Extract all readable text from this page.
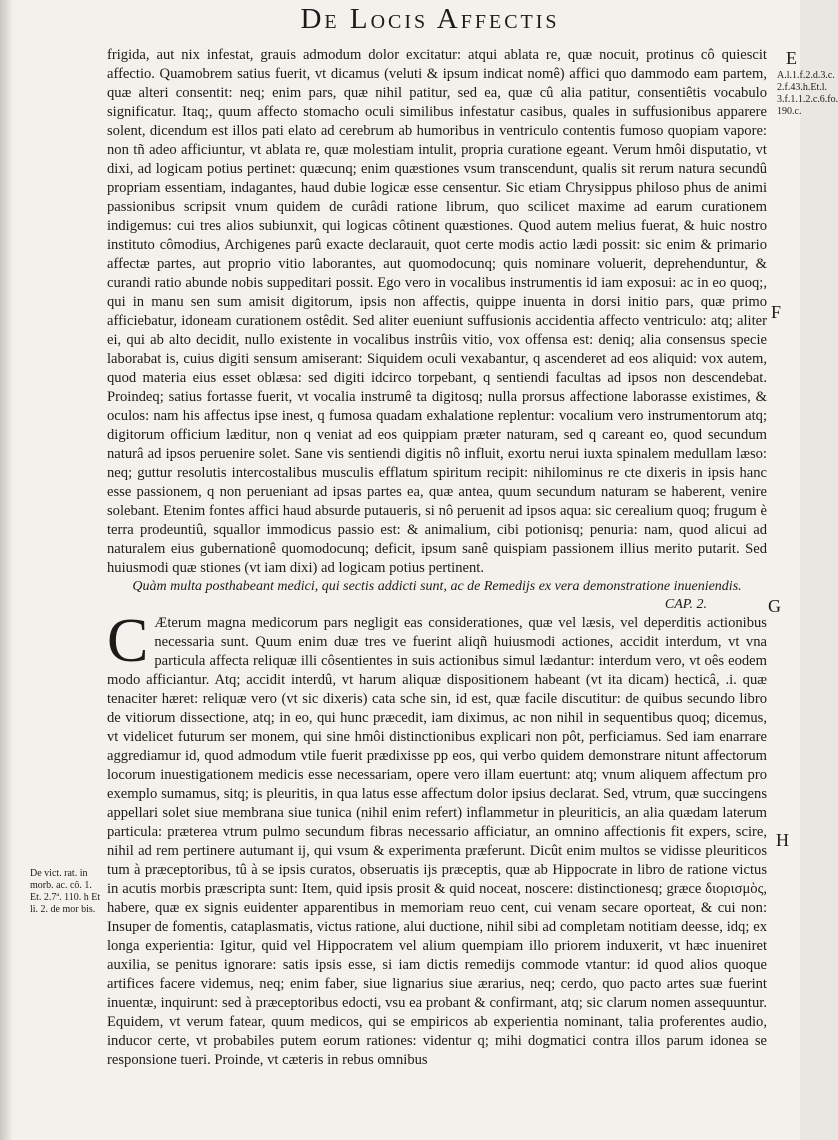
De Locis Affectis

frigida, aut nix infestat, grauis admodum dolor excitatur: atqui ablata re, quæ nocuit, protinus cô quiescit affectio. Quamobrem satius fuerit, vt dicamus (veluti & ipsum indicat nomê) affici quo dammodo eam partem, quæ alteri consentit: neq; enim pars, quæ nihil patitur, sed ea, quæ cû alia patitur, consentiêtis vocabulo significatur. Itaq;, quum affecto stomacho oculi similibus infestatur casibus, quales in suffusionibus apparere solent, dicendum est illos pati elato ad cerebrum ab humoribus in ventriculo contentis fumoso quopiam vapore: non tñ adeo afficiuntur, vt ablata re, quæ molestiam intulit, propria curatione egeant. Verum hmôi disputatio, vt dixi, ad logicam potius pertinet: quæcunq; enim quæstiones vsum transcendunt, qualis sit rerum natura secundû propriam essentiam, indagantes, haud dubie logicæ esse censentur. Sic etiam Chrysippus philoso phus de animi passionibus scripsit vnum quidem de curâdi ratione librum, quo scilicet maxime ad earum curationem indigemus: cui tres alios subiunxit, qui logicas côtinent quæstiones. Quod autem melius fuerat, & huic nostro instituto cômodius, Archigenes parû exacte declarauit, quot certe modis actio lædi possit: sic enim & primario affectæ partes, aut proprio vitio laborantes, aut quomodocunq; quis nominare voluerit, deprehenduntur, & curandi ratio abunde nobis suppeditari possit. Ego vero in vocalibus instrumentis id iam exposui: ac in eo quoq;, qui in manu sen sum amisit digitorum, ipsis non affectis, quippe inuenta in dorsi initio pars, quæ primo afficiebatur, idoneam curationem ostêdit. Sed aliter eueniunt suffusionis accidentia affecto ventriculo: atq; aliter ei, qui ab alto decidit, nullo existente in vocalibus instrûis vitio, vox offensa est: deniq; alia consensus specie laborabat is, cuius digiti sensum amiserant: Siquidem oculi vexabantur, q ascenderet ad eos aliquid: vox autem, quod materia eius esset oblæsa: sed digiti idcirco torpebant, q sentiendi facultas ad ipsos non descendebat. Proindeq; satius fortasse fuerit, vt vocalia instrumê ta digitosq; nulla prorsus affectione laborasse existimes, & oculos: nam his affectus ipse inest, q fumosa quadam exhalatione replentur: vocalium vero instrumentorum atq; digitorum officium læditur, non q veniat ad eos quippiam præter naturam, sed q careant eo, quod secundum naturâ ad ipsos peruenire solet. Sane vis sentiendi digitis nô influit, exortu nerui iuxta spinalem medullam læso: neq; guttur resolutis intercostalibus musculis efflatum spiritum recipit: nihilominus re cte dixeris in ipsis hanc esse passionem, q non perueniant ad ipsas partes ea, quæ antea, quum secundum naturam se haberent, venire solebant. Etenim fontes affici haud absurde putaueris, si nô peruenit ad ipsos aqua: sic cerealium quoq; frugum è terra prodeuntiû, squallor immodicus passio est: & animalium, cibi potionisq; penuria: nam, quod alicui ad naturalem eius gubernationê quomodocunq; deficit, ipsum sanê quispiam passionem illius merito putarit. Sed huiusmodi quæ stiones (vt iam dixi) ad logicam potius pertinent.

Quàm multa posthabeant medici, qui sectis addicti sunt, ac de Remedijs ex vera demonstratione inueniendis.

CAP. 2.

C Æterum magna medicorum pars negligit eas considerationes, quæ vel læsis, vel deperditis actionibus necessaria sunt. Quum enim duæ tres ve fuerint aliqñ huiusmodi actiones, accidit interdum, vt vna particula affecta reliquæ illi côsentientes in suis actionibus simul lædantur: interdum vero, vt oês eodem modo afficiantur. Atq; accidit interdû, vt harum aliquæ dispositionem habeant (vt ita dicam) hecticâ, .i. quæ tenaciter hæret: reliquæ vero (vt sic dixeris) cata sche sin, id est, quæ facile discutitur: de quibus secundo libro de vitiorum dissectione, atq; in eo, qui hunc præcedit, iam diximus, ac non nihil in sequentibus quoq; dicemus, vt videlicet futurum ser monem, qui sine hmôi distinctionibus explicari non pôt, perficiamus. Sed iam enarrare aggrediamur id, quod admodum vtile fuerit prædixisse pp eos, qui verbo quidem demonstrare nitunt affectorum locorum inuestigationem medicis esse necessariam, opere vero illam euertunt: atq; vnum aliquem affectum pro exemplo sumamus, sitq; is pleuritis, in qua latus esse affectum dolor ipsius declarat. Sed, vtrum, quæ succingens appellari solet siue membrana siue tunica (nihil enim refert) inflammetur in pleuriticis, an alia quædam laterum particula: præterea vtrum pulmo secundum fibras necessario afficiatur, an omnino affectionis fit expers, scire, nihil ad rem pertinere autumant ij, qui vsum & experimenta præferunt. Dicût enim multos se vidisse pleuriticos tum à præceptoribus, tû à se ipsis curatos, obseruatis ijs præceptis, quæ ab Hippocrate in libro de ratione victus in acutis morbis præscripta sunt: Item, quid ipsis prosit & quid noceat, noscere: distinctionesq; græce διορισμὸς, habere, quæ ex signis euidenter apparentibus in memoriam reuo cent, cui venam secare oporteat, & cui non: Insuper de fomentis, cataplasmatis, victus ratione, alui ductione, nihil sibi ad completam notitiam deesse, idq; ex longa experientia: Igitur, quid vel Hippocratem vel alium quempiam illo priorem induxerit, vt hæc inueniret auxilia, se penitus ignorare: satis ipsis esse, si iam dictis remedijs commode vtantur: id quod alios quoque artifices facere videmus, neq; enim faber, siue lignarius siue ærarius, neq; cerdo, quo pacto artes suæ fuerint inuentæ, inquirunt: sed à præceptoribus edocti, vsu ea probant & confirmant, atq; sic clarum nomen assequuntur. Equidem, vt verum fatear, quum medicos, qui se empiricos ab experientia nominant, talia proferentes audio, inducor certe, vt probabiles putem eorum rationes: videntur q; mihi dogmatici contra illos parum idonea se responsione tueri. Proinde, vt cæteris in rebus omnibus

A.l.1.f.2.d.3.c. 2.f.43.h.Et.l. 3.f.1.1.2.c.6.fo. 190.c.
De vict. rat. in morb. ac. cô. 1. Et. 2.7ª. 110. h Et li. 2. de mor bis.
E
F
G
H
